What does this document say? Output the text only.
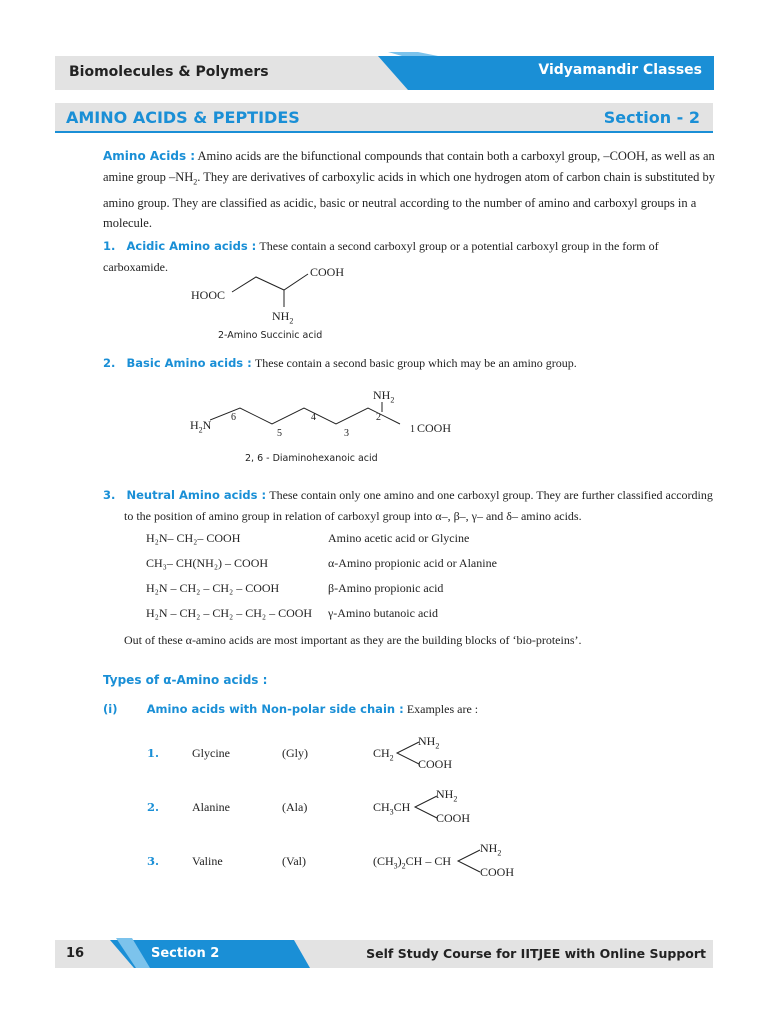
Biomolecules & Polymers	Vidyamandir Classes
AMINO ACIDS & PEPTIDES	Section - 2
Amino Acids : Amino acids are the bifunctional compounds that contain both a carboxyl group, –COOH, as well as an
amine group $-NH_2$. They are derivatives of carboxylic acids in which one hydrogen atom of carbon chain is substituted by
amino group. They are classified as acidic, basic or neutral according to the number of amino and carboxyl groups in a
molecule.
1. Acidic Amino acids : These contain a second carboxyl group or a potential carboxyl group in the form of carboxamide.	COOH
HOOC
$NH_2$
2-Amino Succinic acid
2. Basic Amino acids : These contain a second basic group which may be an amino group.
$NH_2$
$H_2N$
6
5
4
3
2
1 COOH
2, 6 - Diaminohexanoic acid
3. Neutral Amino acids : These contain only one amino and one carboxyl group. They are further classified according
to the position of amino group in relation of carboxyl group into α–, β–, γ– and δ– amino acids.
H₂N– CH₂– COOH	Amino acetic acid or Glycine
CH₃– CH(NH₂) – COOH	α-Amino propionic acid or Alanine
H₂N – CH₂ – CH₂ – COOH	β-Amino propionic acid
H₂N – CH₂ – CH₂ – CH₂ – COOH γ-Amino butanoic acid
Out of these α-amino acids are most important as they are the building blocks of ‘bio-proteins’.
Types of α-Amino acids :
(i)	Amino acids with Non-polar side chain : Examples are :
1.	Glycine	(Gly)	$CH_2$
$NH_2$
COOH
2.	Alanine	(Ala)	$CH_3CH$
$NH_2$
COOH
3.	Valine	(Val)	$(CH_3)_2CH$ – CH
$NH_2$
COOH
16	Section 2	Self Study Course for IITJEE with Online Support
